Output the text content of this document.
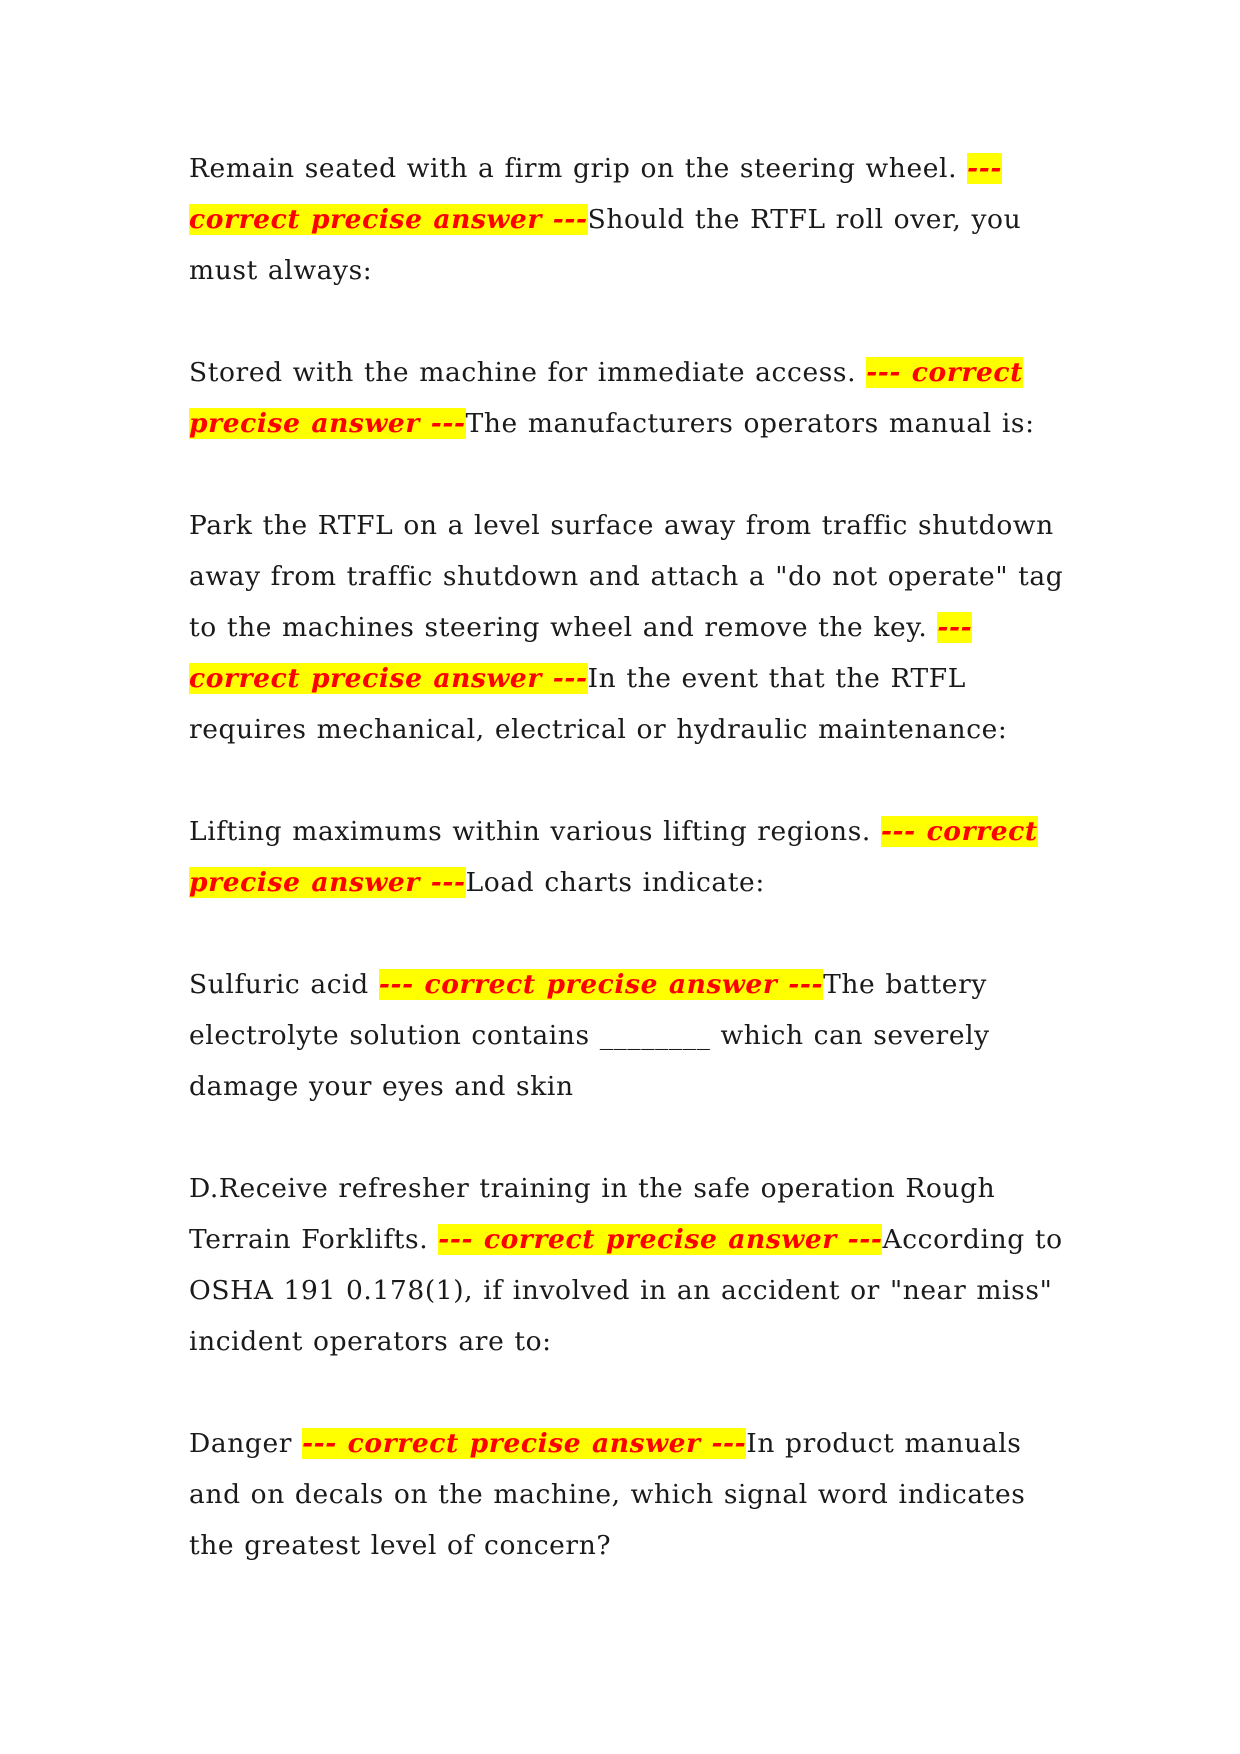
Remain seated with a firm grip on the steering wheel. --- correct precise answer ---Should the RTFL roll over, you must always:

Stored with the machine for immediate access. --- correct precise answer ---The manufacturers operators manual is:

Park the RTFL on a level surface away from traffic shutdown away from traffic shutdown and attach a "do not operate" tag to the machines steering wheel and remove the key. --- correct precise answer ---In the event that the RTFL requires mechanical, electrical or hydraulic maintenance:

Lifting maximums within various lifting regions. --- correct precise answer ---Load charts indicate:

Sulfuric acid --- correct precise answer ---The battery electrolyte solution contains ________ which can severely damage your eyes and skin

D.Receive refresher training in the safe operation Rough Terrain Forklifts. --- correct precise answer ---According to OSHA 191 0.178(1), if involved in an accident or "near miss" incident operators are to:

Danger --- correct precise answer ---In product manuals and on decals on the machine, which signal word indicates the greatest level of concern?
